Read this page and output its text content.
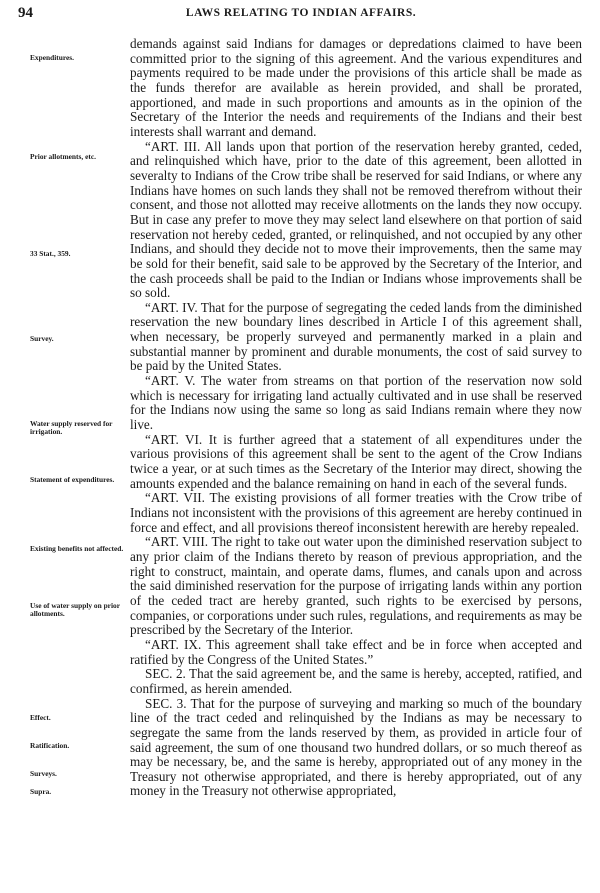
94	LAWS RELATING TO INDIAN AFFAIRS.
Expenditures.
Prior allotments, etc.
33 Stat., 359.
Survey.
Water supply reserved for irrigation.
Statement of expenditures.
Existing benefits not affected.
Use of water supply on prior allotments.
Effect.
Ratification.
Surveys.
Supra.

demands against said Indians for damages or depredations claimed to have been committed prior to the signing of this agreement. And the various expenditures and payments required to be made under the provisions of this article shall be made as the funds therefor are available as herein provided, and shall be prorated, apportioned, and made in such proportions and amounts as in the opinion of the Secretary of the Interior the needs and requirements of the Indians and their best interests shall warrant and demand.

“ART. III. All lands upon that portion of the reservation hereby granted, ceded, and relinquished which have, prior to the date of this agreement, been allotted in severalty to Indians of the Crow tribe shall be reserved for said Indians, or where any Indians have homes on such lands they shall not be removed therefrom without their consent, and those not allotted may receive allotments on the lands they now occupy. But in case any prefer to move they may select land elsewhere on that portion of said reservation not hereby ceded, granted, or relinquished, and not occupied by any other Indians, and should they decide not to move their improvements, then the same may be sold for their benefit, said sale to be approved by the Secretary of the Interior, and the cash proceeds shall be paid to the Indian or Indians whose improvements shall be so sold.

“ART. IV. That for the purpose of segregating the ceded lands from the diminished reservation the new boundary lines described in Article I of this agreement shall, when necessary, be properly surveyed and permanently marked in a plain and substantial manner by prominent and durable monuments, the cost of said survey to be paid by the United States.

“ART. V. The water from streams on that portion of the reservation now sold which is necessary for irrigating land actually cultivated and in use shall be reserved for the Indians now using the same so long as said Indians remain where they now live.

“ART. VI. It is further agreed that a statement of all expenditures under the various provisions of this agreement shall be sent to the agent of the Crow Indians twice a year, or at such times as the Secretary of the Interior may direct, showing the amounts expended and the balance remaining on hand in each of the several funds.

“ART. VII. The existing provisions of all former treaties with the Crow tribe of Indians not inconsistent with the provisions of this agreement are hereby continued in force and effect, and all provisions thereof inconsistent herewith are hereby repealed.

“ART. VIII. The right to take out water upon the diminished reservation subject to any prior claim of the Indians thereto by reason of previous appropriation, and the right to construct, maintain, and operate dams, flumes, and canals upon and across the said diminished reservation for the purpose of irrigating lands within any portion of the ceded tract are hereby granted, such rights to be exercised by persons, companies, or corporations under such rules, regulations, and requirements as may be prescribed by the Secretary of the Interior.

“ART. IX. This agreement shall take effect and be in force when accepted and ratified by the Congress of the United States.”

SEC. 2. That the said agreement be, and the same is hereby, accepted, ratified, and confirmed, as herein amended.

SEC. 3. That for the purpose of surveying and marking so much of the boundary line of the tract ceded and relinquished by the Indians as may be necessary to segregate the same from the lands reserved by them, as provided in article four of said agreement, the sum of one thousand two hundred dollars, or so much thereof as may be necessary, be, and the same is hereby, appropriated out of any money in the Treasury not otherwise appropriated, and there is hereby appropriated, out of any money in the Treasury not otherwise appropriated,
